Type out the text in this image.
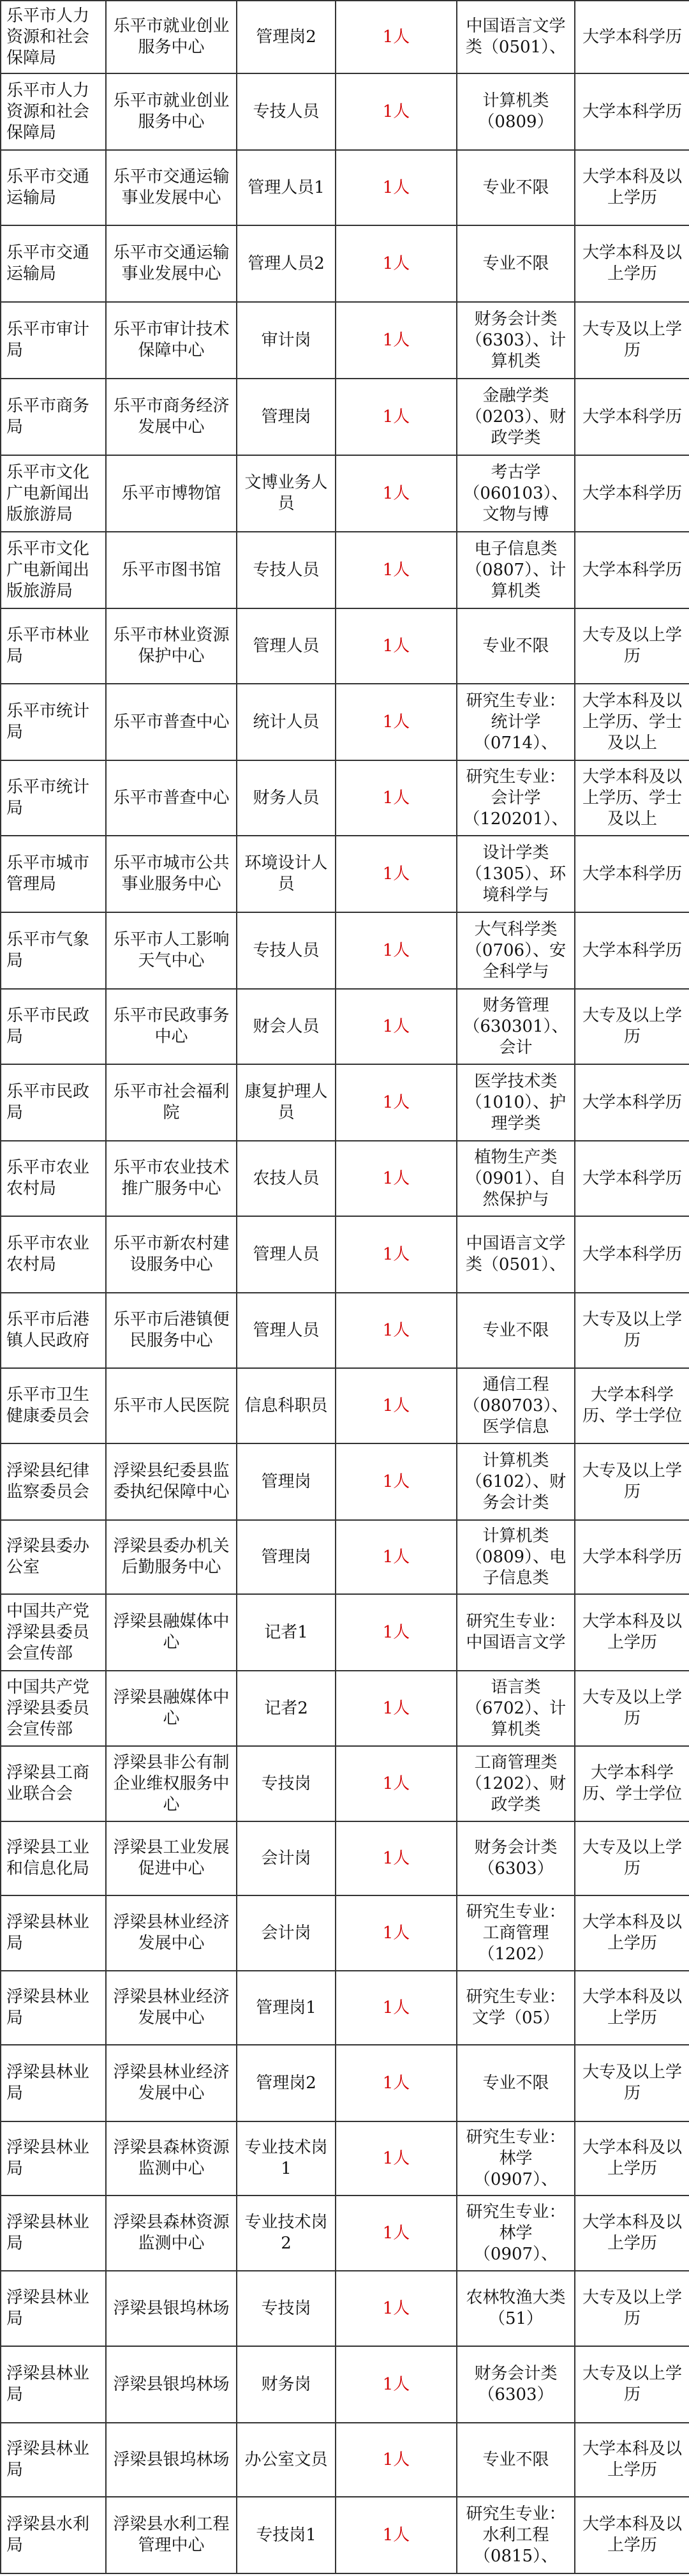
乐平市人力资源和社会保障局	乐平市就业创业服务中心	管理岗2	1人	中国语言文学类（0501）、	大学本科学历

乐平市人力资源和社会保障局	乐平市就业创业服务中心	专技人员	1人	计算机类（0809）	大学本科学历

乐平市交通运输局	乐平市交通运输事业发展中心	管理人员1	1人	专业不限	大学本科及以上学历

乐平市交通运输局	乐平市交通运输事业发展中心	管理人员2	1人	专业不限	大学本科及以上学历

乐平市审计局	乐平市审计技术保障中心	审计岗	1人	财务会计类（6303）、计算机类	大专及以上学历

乐平市商务局	乐平市商务经济发展中心	管理岗	1人	金融学类（0203）、财政学类	大学本科学历

乐平市文化广电新闻出版旅游局	乐平市博物馆	文博业务人员	1人	考古学（060103）、文物与博	大学本科学历

乐平市文化广电新闻出版旅游局	乐平市图书馆	专技人员	1人	电子信息类（0807）、计算机类	大学本科学历

乐平市林业局	乐平市林业资源保护中心	管理人员	1人	专业不限	大专及以上学历

乐平市统计局	乐平市普查中心	统计人员	1人	研究生专业：统计学（0714）、	大学本科及以上学历、学士及以上

乐平市统计局	乐平市普查中心	财务人员	1人	研究生专业：会计学（120201）、	大学本科及以上学历、学士及以上

乐平市城市管理局	乐平市城市公共事业服务中心	环境设计人员	1人	设计学类（1305）、环境科学与	大学本科学历

乐平市气象局	乐平市人工影响天气中心	专技人员	1人	大气科学类（0706）、安全科学与	大学本科学历

乐平市民政局	乐平市民政事务中心	财会人员	1人	财务管理（630301）、会计	大专及以上学历

乐平市民政局	乐平市社会福利院	康复护理人员	1人	医学技术类（1010）、护理学类	大学本科学历

乐平市农业农村局	乐平市农业技术推广服务中心	农技人员	1人	植物生产类（0901）、自然保护与	大学本科学历

乐平市农业农村局	乐平市新农村建设服务中心	管理人员	1人	中国语言文学类（0501）、	大学本科学历

乐平市后港镇人民政府	乐平市后港镇便民服务中心	管理人员	1人	专业不限	大专及以上学历

乐平市卫生健康委员会	乐平市人民医院	信息科职员	1人	通信工程（080703）、医学信息	大学本科学历、学士学位

浮梁县纪律监察委员会	浮梁县纪委县监委执纪保障中心	管理岗	1人	计算机类（6102）、财务会计类	大专及以上学历

浮梁县委办公室	浮梁县委办机关后勤服务中心	管理岗	1人	计算机类（0809）、电子信息类	大学本科学历

中国共产党浮梁县委员会宣传部	浮梁县融媒体中心	记者1	1人	研究生专业：中国语言文学	大学本科及以上学历

中国共产党浮梁县委员会宣传部	浮梁县融媒体中心	记者2	1人	语言类（6702）、计算机类	大专及以上学历

浮梁县工商业联合会	浮梁县非公有制企业维权服务中心	专技岗	1人	工商管理类（1202）、财政学类	大学本科学历、学士学位

浮梁县工业和信息化局	浮梁县工业发展促进中心	会计岗	1人	财务会计类（6303）	大专及以上学历

浮梁县林业局	浮梁县林业经济发展中心	会计岗	1人	研究生专业：工商管理（1202）	大学本科及以上学历

浮梁县林业局	浮梁县林业经济发展中心	管理岗1	1人	研究生专业：文学（05）	大学本科及以上学历

浮梁县林业局	浮梁县林业经济发展中心	管理岗2	1人	专业不限	大专及以上学历

浮梁县林业局	浮梁县森林资源监测中心	专业技术岗1	1人	研究生专业：林学（0907）、	大学本科及以上学历

浮梁县林业局	浮梁县森林资源监测中心	专业技术岗2	1人	研究生专业：林学（0907）、	大学本科及以上学历

浮梁县林业局	浮梁县银坞林场	专技岗	1人	农林牧渔大类（51）	大专及以上学历

浮梁县林业局	浮梁县银坞林场	财务岗	1人	财务会计类（6303）	大专及以上学历

浮梁县林业局	浮梁县银坞林场	办公室文员	1人	专业不限	大学本科及以上学历

浮梁县水利局	浮梁县水利工程管理中心	专技岗1	1人	研究生专业：水利工程（0815）、	大学本科及以上学历
